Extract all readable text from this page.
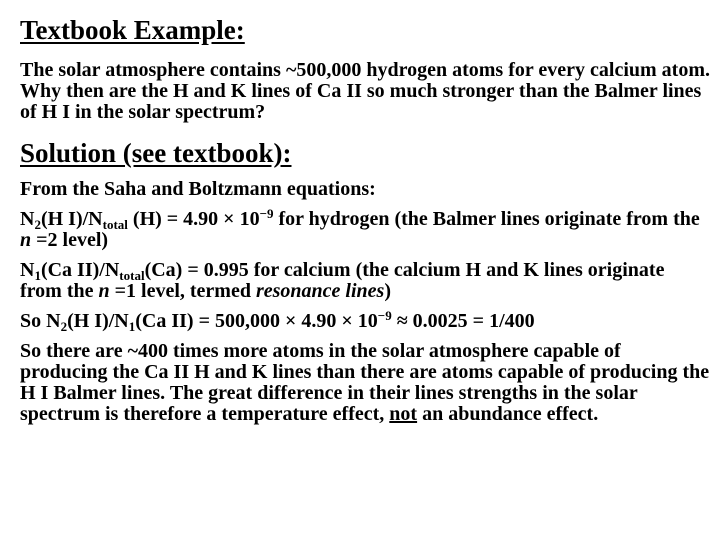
Textbook Example:

The solar atmosphere contains ~500,000 hydrogen atoms for every calcium atom. Why then are the H and K lines of Ca II so much stronger than the Balmer lines of H I in the solar spectrum?

Solution (see textbook):

From the Saha and Boltzmann equations:

$N_2(H$ $I)/N_{total}$ $(H) = 4.90 \times 10^{-9}$ for hydrogen (the Balmer lines originate from the n =2 level)

$N_1(Ca$ $II)/N_{total}(Ca) = 0.995$ for calcium (the calcium H and K lines originate from the n =1 level, termed resonance lines)

So $N_2(H$ $I)/N_1(Ca$ $II) = 500,000 \times 4.90 \times 10^{-9} \approx 0.0025 = 1/400$

So there are ~400 times more atoms in the solar atmosphere capable of producing the Ca II H and K lines than there are atoms capable of producing the H I Balmer lines. The great difference in their lines strengths in the solar spectrum is therefore a temperature effect, not an abundance effect.
